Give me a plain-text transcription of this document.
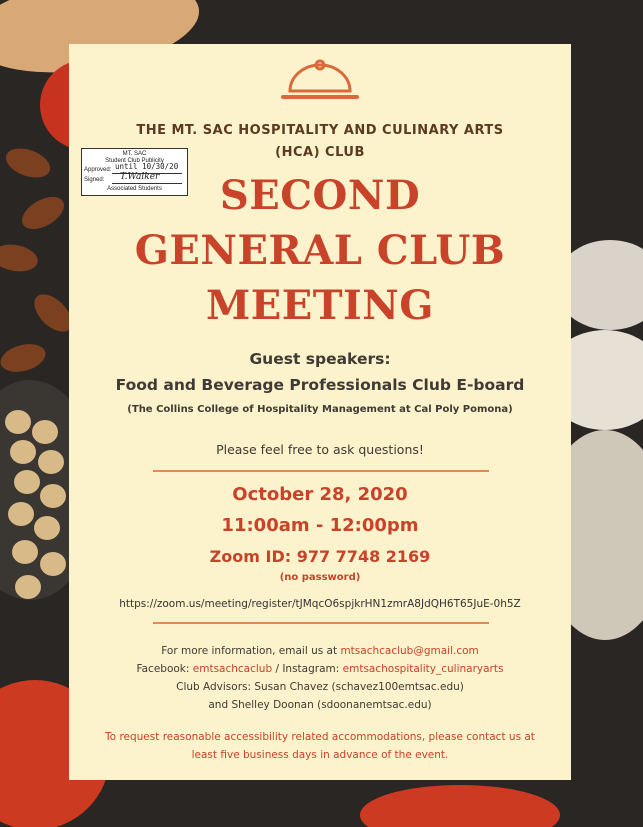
THE MT. SAC HOSPITALITY AND CULINARY ARTS
(HCA) CLUB
MT. SAC
Student Club Publicity
Approved: until 10/30/20
Signed: T.Walker
Associated Students	SECOND
GENERAL CLUB
MEETING
Guest speakers:
Food and Beverage Professionals Club E-board
(The Collins College of Hospitality Management at Cal Poly Pomona)
Please feel free to ask questions!
October 28, 2020
11:00am - 12:00pm
Zoom ID: 977 7748 2169
(no password)
https://zoom.us/meeting/register/tJMqcO6spjkrHN1zmrA8JdQH6T65JuE-0h5Z
For more information, email us at mtsachcaclub@gmail.com
Facebook: emtsachcaclub / Instagram: emtsachospitality_culinaryarts
Club Advisors: Susan Chavez (schavez100emtsac.edu)
and Shelley Doonan (sdoonanemtsac.edu)
To request reasonable accessibility related accommodations, please contact us at
least five business days in advance of the event.
